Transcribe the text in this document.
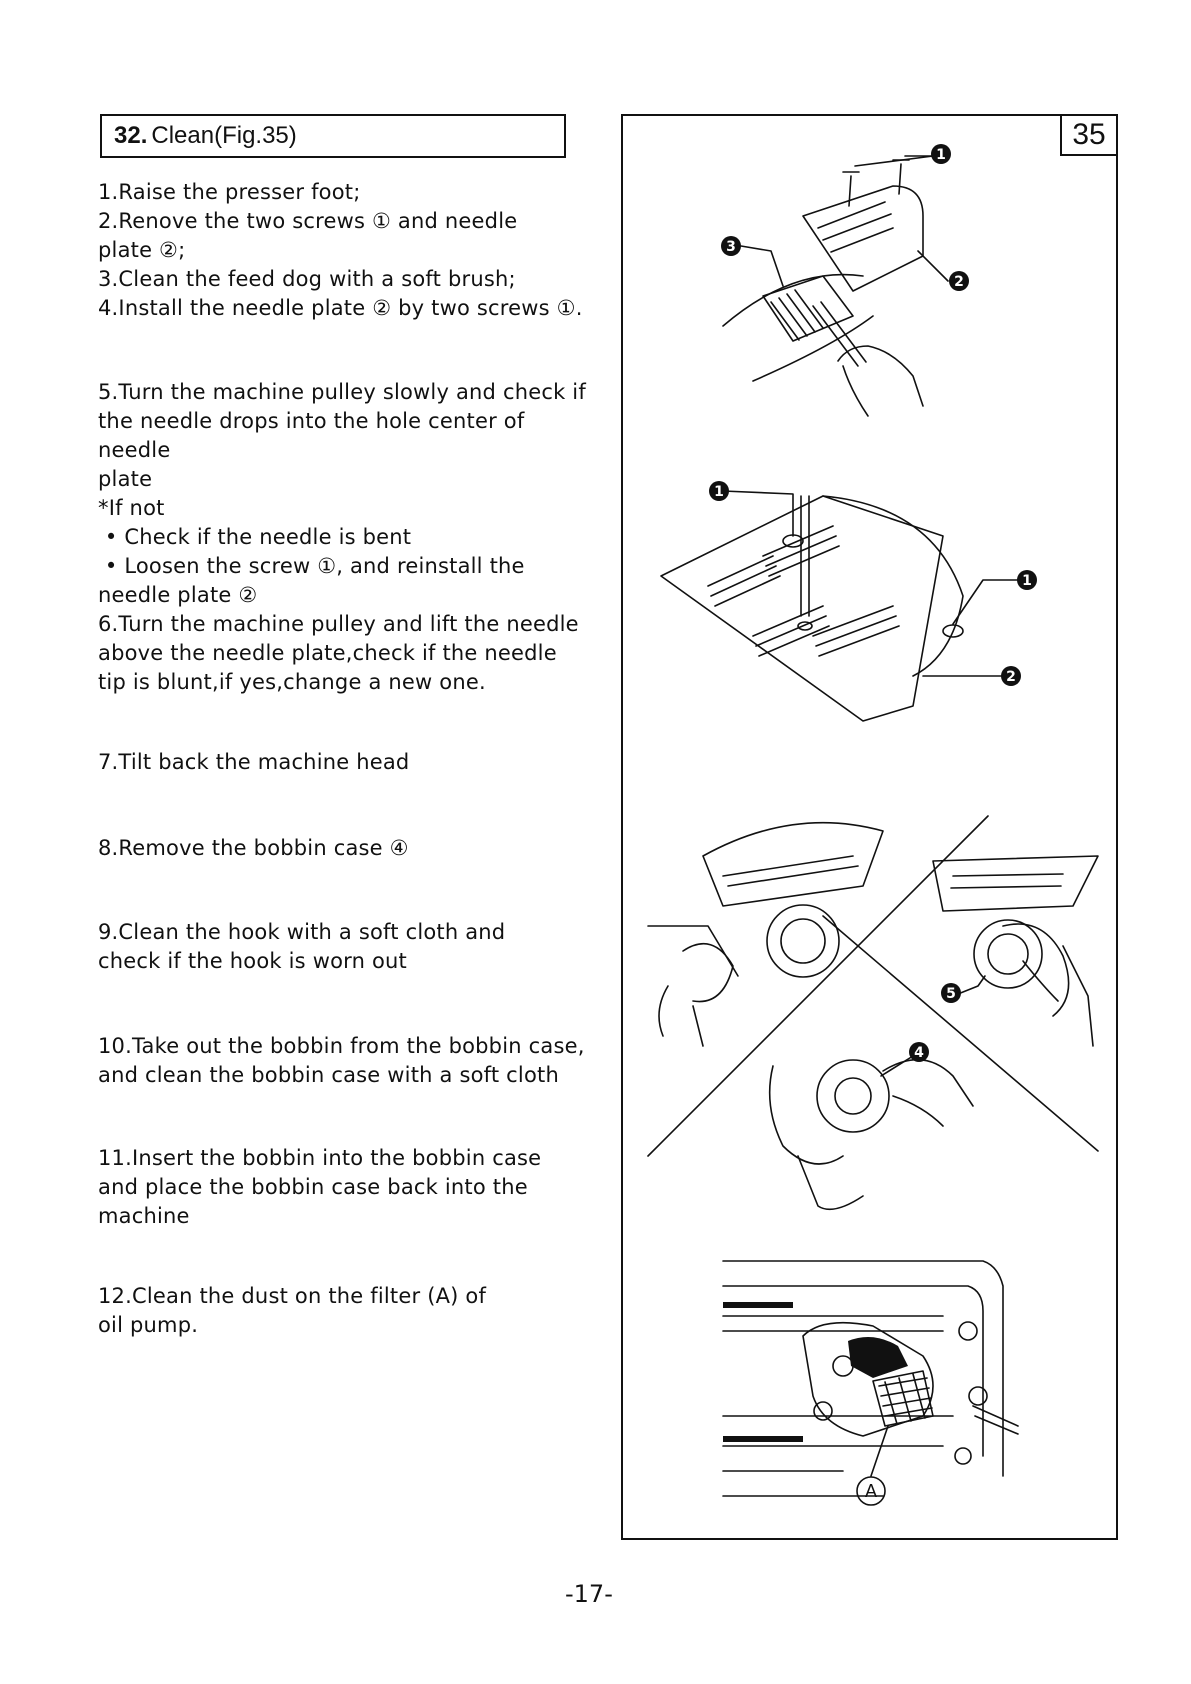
32. Clean(Fig.35)

1.Raise the presser foot;

2.Renove the two screws ① and needle

plate ②;

3.Clean the feed dog with a soft brush;

4.Install the needle plate ② by two screws ①.

5.Turn the machine pulley slowly and check if

the needle drops into the hole center of needle

plate

*If not

• Check if the needle is bent

• Loosen the screw ①, and reinstall the

needle plate ②

6.Turn the machine pulley and lift the needle

above the needle plate,check if the needle

tip is blunt,if yes,change a new one.

7.Tilt back the machine head

8.Remove the bobbin case ④

9.Clean the hook with a soft cloth and

check if the hook is worn out

10.Take out the bobbin from the bobbin case,

and clean the bobbin case with a soft cloth

11.Insert the bobbin into the bobbin case

and place the bobbin case back into the

machine

12.Clean the dust on the filter (A) of

oil pump.

35
1
2
3
1
1
2
4
5
A
-17-
